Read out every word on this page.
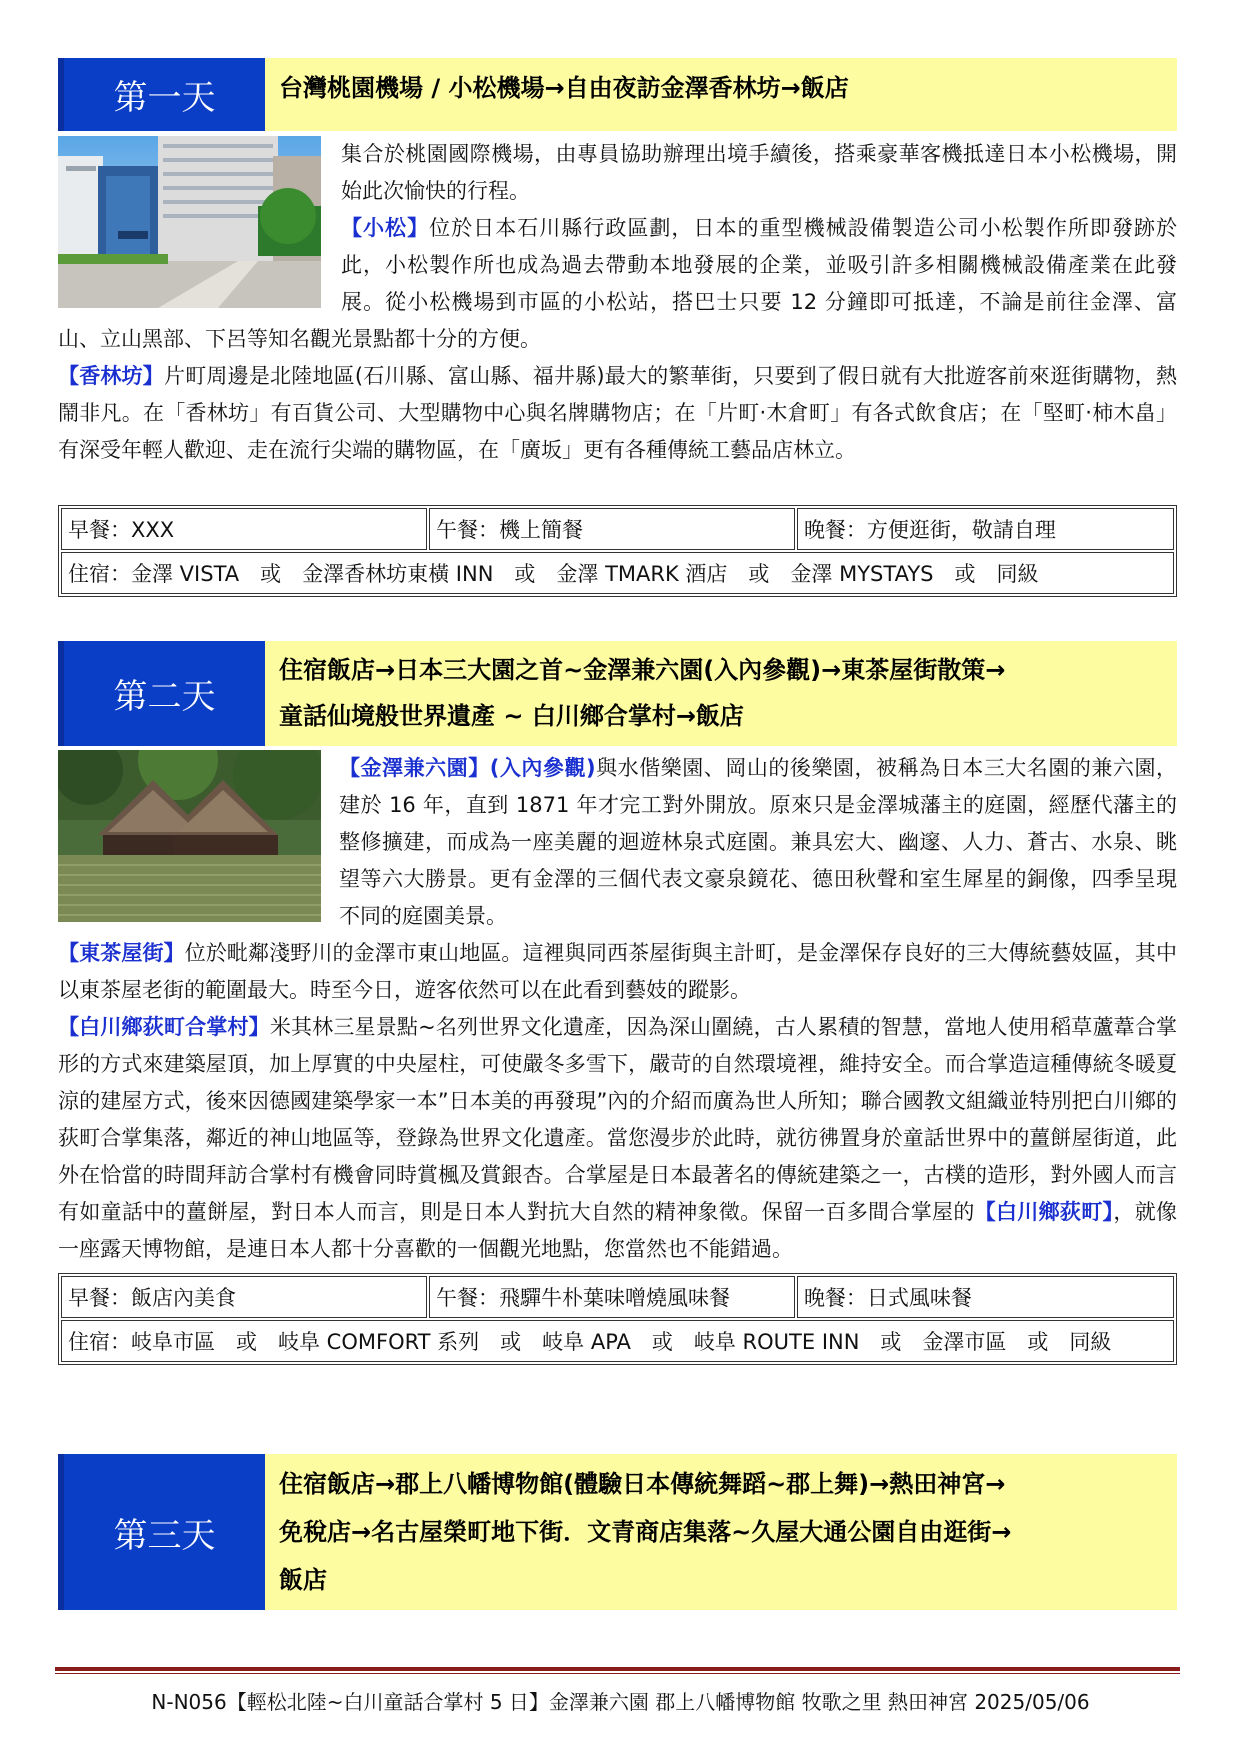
第一天	台灣桃園機場 / 小松機場→自由夜訪金澤香林坊→飯店

集合於桃園國際機場，由專員協助辦理出境手續後，搭乘豪華客機抵達日本小松機場，開始此次愉快的行程。

【小松】位於日本石川縣行政區劃，日本的重型機械設備製造公司小松製作所即發跡於此，小松製作所也成為過去帶動本地發展的企業，並吸引許多相關機械設備產業在此發展。從小松機場到市區的小松站，搭巴士只要 12 分鐘即可抵達，不論是前往金澤、富山、立山黑部、下呂等知名觀光景點都十分的方便。

【香林坊】片町周邊是北陸地區(石川縣、富山縣、福井縣)最大的繁華街，只要到了假日就有大批遊客前來逛街購物，熱鬧非凡。在「香林坊」有百貨公司、大型購物中心與名牌購物店；在「片町‧木倉町」有各式飲食店；在「堅町‧柿木畠」有深受年輕人歡迎、走在流行尖端的購物區，在「廣坂」更有各種傳統工藝品店林立。

早餐：XXX	午餐：機上簡餐	晚餐：方便逛街，敬請自理
住宿：金澤 VISTA　或　金澤香林坊東橫 INN　或　金澤 TMARK 酒店　或　金澤 MYSTAYS　或　同級
第二天
住宿飯店→日本三大園之首~金澤兼六園(入內參觀)→東茶屋街散策→
童話仙境般世界遺產 ~ 白川鄉合掌村→飯店

【金澤兼六園】(入內參觀)與水偕樂園、岡山的後樂園，被稱為日本三大名園的兼六園，建於 16 年，直到 1871 年才完工對外開放。原來只是金澤城藩主的庭園，經歷代藩主的整修擴建，而成為一座美麗的迴遊林泉式庭園。兼具宏大、幽邃、人力、蒼古、水泉、眺望等六大勝景。更有金澤的三個代表文豪泉鏡花、德田秋聲和室生犀星的銅像，四季呈現不同的庭園美景。

【東茶屋街】位於毗鄰淺野川的金澤市東山地區。這裡與同西茶屋街與主計町，是金澤保存良好的三大傳統藝妓區，其中以東茶屋老街的範圍最大。時至今日，遊客依然可以在此看到藝妓的蹤影。

【白川鄉荻町合掌村】米其林三星景點~名列世界文化遺產，因為深山圍繞，古人累積的智慧，當地人使用稻草蘆葦合掌形的方式來建築屋頂，加上厚實的中央屋柱，可使嚴冬多雪下，嚴苛的自然環境裡，維持安全。而合掌造這種傳統冬暖夏涼的建屋方式，後來因德國建築學家一本”日本美的再發現”內的介紹而廣為世人所知；聯合國教文組織並特別把白川鄉的荻町合掌集落，鄰近的神山地區等，登錄為世界文化遺產。當您漫步於此時，就彷彿置身於童話世界中的薑餅屋街道，此外在恰當的時間拜訪合掌村有機會同時賞楓及賞銀杏。合掌屋是日本最著名的傳統建築之一，古樸的造形，對外國人而言有如童話中的薑餅屋，對日本人而言，則是日本人對抗大自然的精神象徵。保留一百多間合掌屋的【白川鄉荻町】，就像一座露天博物館，是連日本人都十分喜歡的一個觀光地點，您當然也不能錯過。

早餐：飯店內美食	午餐：飛驒牛朴葉味噌燒風味餐	晚餐：日式風味餐
住宿：岐阜市區　或　岐阜 COMFORT 系列　或　岐阜 APA　或　岐阜 ROUTE INN　或　金澤市區　或　同級
第三天
住宿飯店→郡上八幡博物館(體驗日本傳統舞蹈~郡上舞)→熱田神宮→
免稅店→名古屋榮町地下街．文青商店集落~久屋大通公園自由逛街→
飯店
N-N056【輕松北陸~白川童話合掌村 5 日】金澤兼六園 郡上八幡博物館 牧歌之里 熱田神宮 2025/05/06
